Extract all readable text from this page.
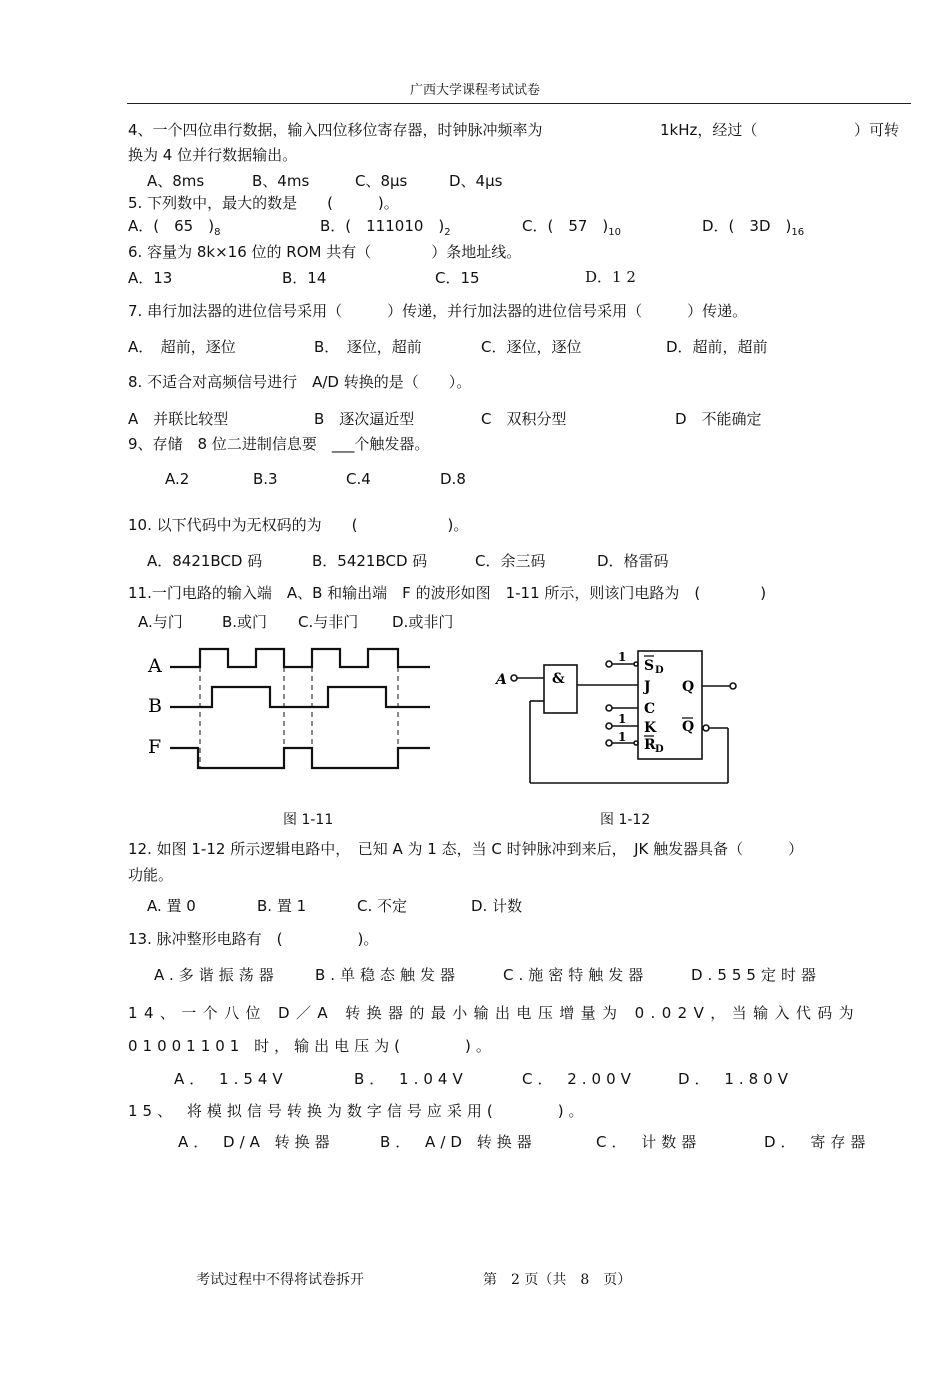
广西大学课程考试试卷
4、一个四位串行数据，输入四位移位寄存器，时钟脉冲频率为	1kHz，经过（	）可转
换为 4 位并行数据输出。
A、8ms	B、4ms	C、8µs	D、4µs
5. 下列数中，最大的数是　　(　　　)。
A．(　65　)$_8$	B．(　111010　)$_2$	C．(　57　)$_{10}$	D．(　3D　)$_{16}$
6. 容量为 8k×16 位的 ROM 共有（　　　　）条地址线。
A．13	B．14	C．15	D．1 2
7. 串行加法器的进位信号采用（　　　）传递，并行加法器的进位信号采用（　　　）传递。
A．　超前，逐位	B．　逐位，超前	C．逐位，逐位	D．超前，超前
8. 不适合对高频信号进行　A/D 转换的是（　　）。
A　并联比较型	B　逐次逼近型	C　双积分型	D　不能确定
9、存储　8 位二进制信息要　___个触发器。
A.2	B.3	C.4	D.8
10. 以下代码中为无权码的为　　(　　　　　　)。
A．8421BCD 码	B．5421BCD 码	C．余三码	D．格雷码
11.一门电路的输入端　A、B 和输出端　F 的波形如图　1-11 所示，则该门电路为　(　　　　)
A.与门	B.或门 C.与非门 D.或非门
A
B
F
A	&
1
S D
J
C
1
K
1 R D
Q
Q
图 1-11	图 1-12
12. 如图 1-12 所示逻辑电路中，　已知 A 为 1 态，当 C 时钟脉冲到来后，　JK 触发器具备（　　　）
功能。
A. 置 0	B. 置 1	C. 不定	D. 计数
13. 脉冲整形电路有　(　　　　　)。
A.多谐振荡器 B.单稳态触发器	C.施密特触发器	D.555定时器
14、一个八位 D／A 转换器的最小输出电压增量为 0.02V，当输入代码为
01001101 时，输出电压为(　　　)。
A． 1.54V	B． 1.04V	C． 2.00V	D． 1.80V
15、 将模拟信号转换为数字信号应采用(　　　)。
A． D/A 转换器	B． A/D 转换器	C． 计数器	D． 寄存器
考试过程中不得将试卷拆开	第　2 页（共　8　页）
